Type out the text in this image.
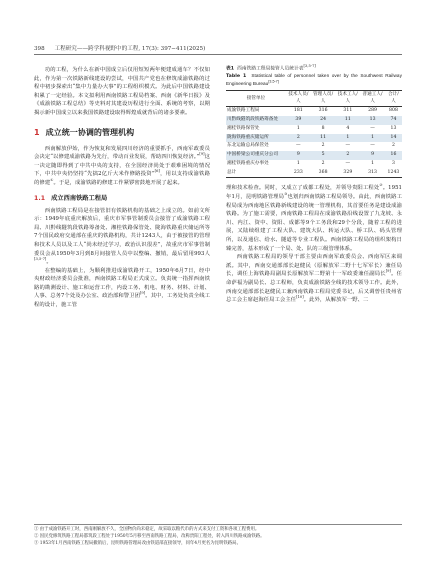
398 工程研究——跨学科视野中的工程, 17(3): 397−411(2025)

功的工程，为什么在新中国成立后仅用短短两年便建成通车？不仅如此，作为第一次铁路新线建设的尝试，中国共产党也在修筑成渝铁路的过程中初步探索出“集中力量办大事”的工程组织模式。为此后中国铁路建设积累了一定经验。本文拟利用西南铁路工程局档案、西南《新华日报》及《成渝铁路工程总结》等史料对其建设历程进行全面、系统的考察，以期揭示新中国成立以来我国铁路建设取得辉煌成就背后的诸多要素。

1 成立统一协调的管理机构

西南解放伊始，作为恢复和发展四川经济的重要抓手，西南军政委员会决定“以修建成渝铁路为先行，带动百业发展，帮助四川恢复经济。”[9]这一决定随即得到了中共中央的支持，在全国经济尚处于艰难困境的情况下，中共中央仍坚持“先搞2亿斤大米作修路投资”[6]，用以支持成渝铁路的修建①。于是，成渝铁路的修建工作紧锣密鼓地开展了起来。

1.1 成立西南铁路工程局

西南铁路工程局是在接管旧有铁路机构的基础之上成立的。如前文所示：1949年底重庆解放后，重庆市军事管制委员会接管了成渝铁路工程局、川黔线隧筑段铁路筹备处、湘桂铁路保管处、陇海铁路重庆储运所等7个国民政府交通部在重庆的铁路机构，共计1243人，由于被接管的管理和技术人员以及工人“尚未经过学习，政治认识很差”，故重庆市军事管制委员会从1950年3月到8月间接管人员中以整编、撤销，最后留用993人[3,5-7]。

在整编的基础上，为顺利推进成渝铁路开工，1950年6月7日，经中央财政经济委员会批准，西南铁路工程局正式成立。负责统一指挥西南铁路的勘测设计、施工和运营工作，内设工务、机电、财务、材料、计划、人事、总务7个处及办公室、政治部和警卫团[9]。其中，工务处负责全线工程的设计，施工管

表1 西南铁路工程局接管人员统计表[3,5-7]
Table 1 Statistical table of personnel taken over by the Southwest Railway Engineering Bureau[3,5-7]
接管单位	技术人员/人	管理人员/人	技术工人/人	普通工人/人	合计/人
成渝铁路工程局	181	316	311	289	808
川黔线隧筑段铁路筹备处	39	24	11	13	74
湘桂铁路保管处	1	8	4	—	13
陇海铁路重庆储运所	2	11	1	1	14
东北运输总局保管处	—	2	—	—	2
中国桥梁公司重庆分公司	9	5	2	9	16
湘桂铁路重庆办事处	1	2	—	1	3
总计	233	368	329	313	1243

理和技术检查。同时，又成立了成都工程处，并领导贵阳工程处②。1951年1月，昆明铁路管理局③也划归西南铁路工程局领导。由此，西南铁路工程局成为西南地区铁路新线建设的统一管理机构，其首要任务是建设成渝铁路。为了施工需要，西南铁路工程局在成渝铁路沿线设置了九龙坡、永川、内江、资中、资阳、成都等9个工务段和29个分段，随着工程的进展，又陆续组建了工程大队、建筑大队、转运大队、桥工队、码头管理所，以及通信、给水、隧道等专业工程队。西南铁路工程局的组织架构日臻完善，基本形成了一个局、处、队的三级管理体系。

西南铁路工程局的领导干部主要由西南军政委员会、西南军区来调派。其中，西南交通部部长赵健民（原解放军二野十七军军长）兼任局长，调任上海铁路局副局长原解放军二野第十一军政委兼任副局长[9]。任命萨福为副局长、总工程师，负责成渝铁路全线的技术领导工作。此外，西南交通部部长赵健民工兼西南铁路工程局党委书记，后又调曾任贵州省总工会主席赵海任局工会主任[10]。此外，从解放军一野、二

① 由于成渝铁路开工时，西南刚解放不久，全国物价尚未稳定，故采取以粮代币的方式来支付工资和各项工程费用。
② 因民党修筑铁路工程局都筑段工程处于1950年5月移至西南铁路工程局，改称贵阳工程处，转入四川铁路成渝铁路。
③ 1953年1月西南铁路工程局撤销后，昆明铁路管理局改由铁道部直接领导，同年4月更名为昆明铁路局。
